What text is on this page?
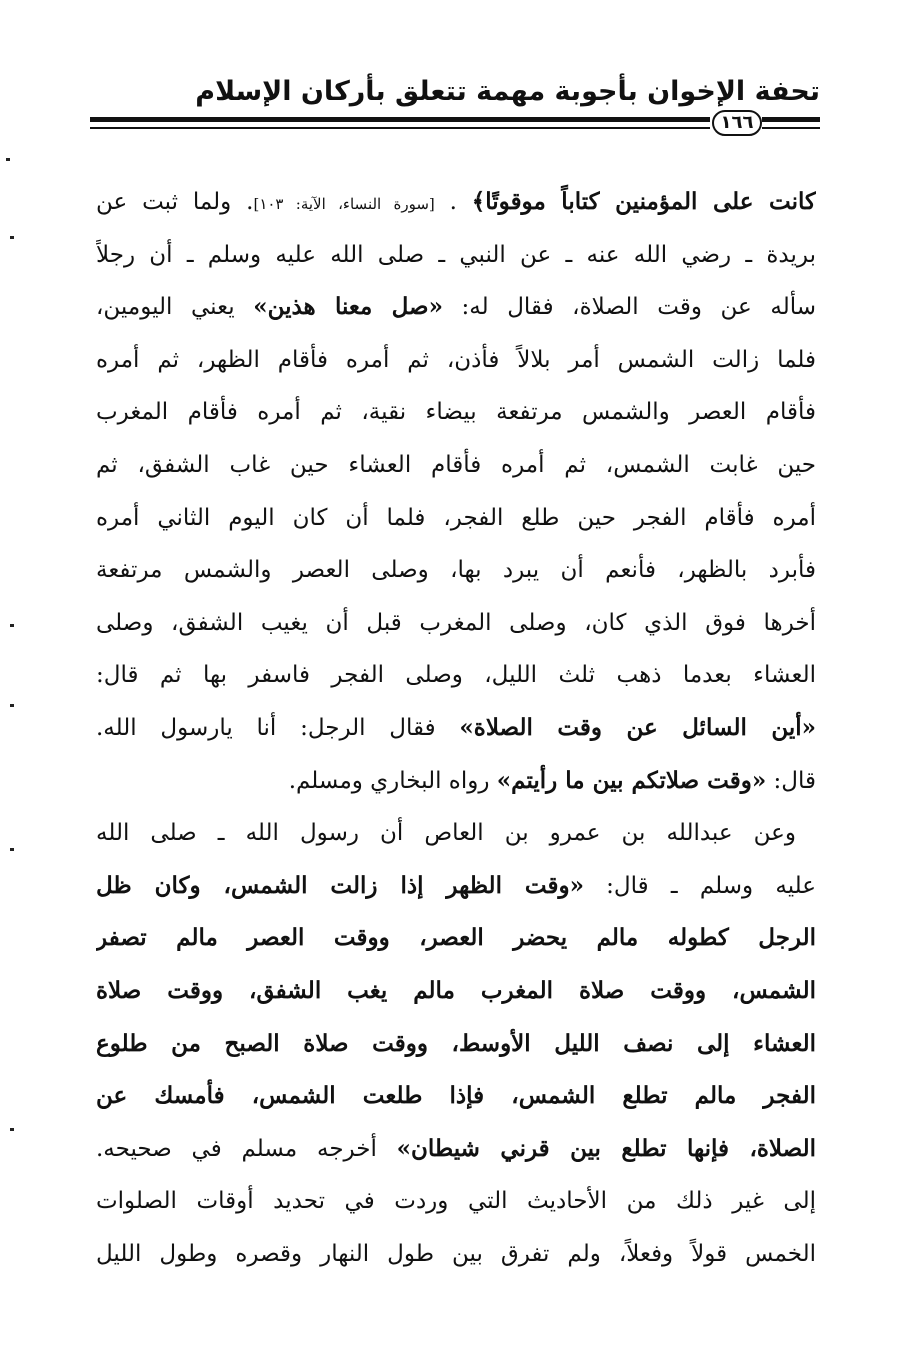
تحفة الإخوان بأجوبة مهمة تتعلق بأركان الإسلام
١٦٦
كانت على المؤمنين كتاباً موقوتًا﴾ . [سورة النساء، الآية: ١٠٣]. ولما ثبت عن
بريدة ـ رضي الله عنه ـ عن النبي ـ صلى الله عليه وسلم ـ أن رجلاً
سأله عن وقت الصلاة، فقال له: «صل معنا هذين» يعني اليومين،
فلما زالت الشمس أمر بلالاً فأذن، ثم أمره فأقام الظهر، ثم أمره
فأقام العصر والشمس مرتفعة بيضاء نقية، ثم أمره فأقام المغرب
حين غابت الشمس، ثم أمره فأقام العشاء حين غاب الشفق، ثم
أمره فأقام الفجر حين طلع الفجر، فلما أن كان اليوم الثاني أمره
فأبرد بالظهر، فأنعم أن يبرد بها، وصلى العصر والشمس مرتفعة
أخرها فوق الذي كان، وصلى المغرب قبل أن يغيب الشفق، وصلى
العشاء بعدما ذهب ثلث الليل، وصلى الفجر فاسفر بها ثم قال:
«أين السائل عن وقت الصلاة» فقال الرجل: أنا يارسول الله.
قال: «وقت صلاتكم بين ما رأيتم» رواه البخاري ومسلم.
وعن عبدالله بن عمرو بن العاص أن رسول الله ـ صلى الله
عليه وسلم ـ قال: «وقت الظهر إذا زالت الشمس، وكان ظل
الرجل كطوله مالم يحضر العصر، ووقت العصر مالم تصفر
الشمس، ووقت صلاة المغرب مالم يغب الشفق، ووقت صلاة
العشاء إلى نصف الليل الأوسط، ووقت صلاة الصبح من طلوع
الفجر مالم تطلع الشمس، فإذا طلعت الشمس، فأمسك عن
الصلاة، فإنها تطلع بين قرني شيطان» أخرجه مسلم في صحيحه.
إلى غير ذلك من الأحاديث التي وردت في تحديد أوقات الصلوات
الخمس قولاً وفعلاً، ولم تفرق بين طول النهار وقصره وطول الليل
